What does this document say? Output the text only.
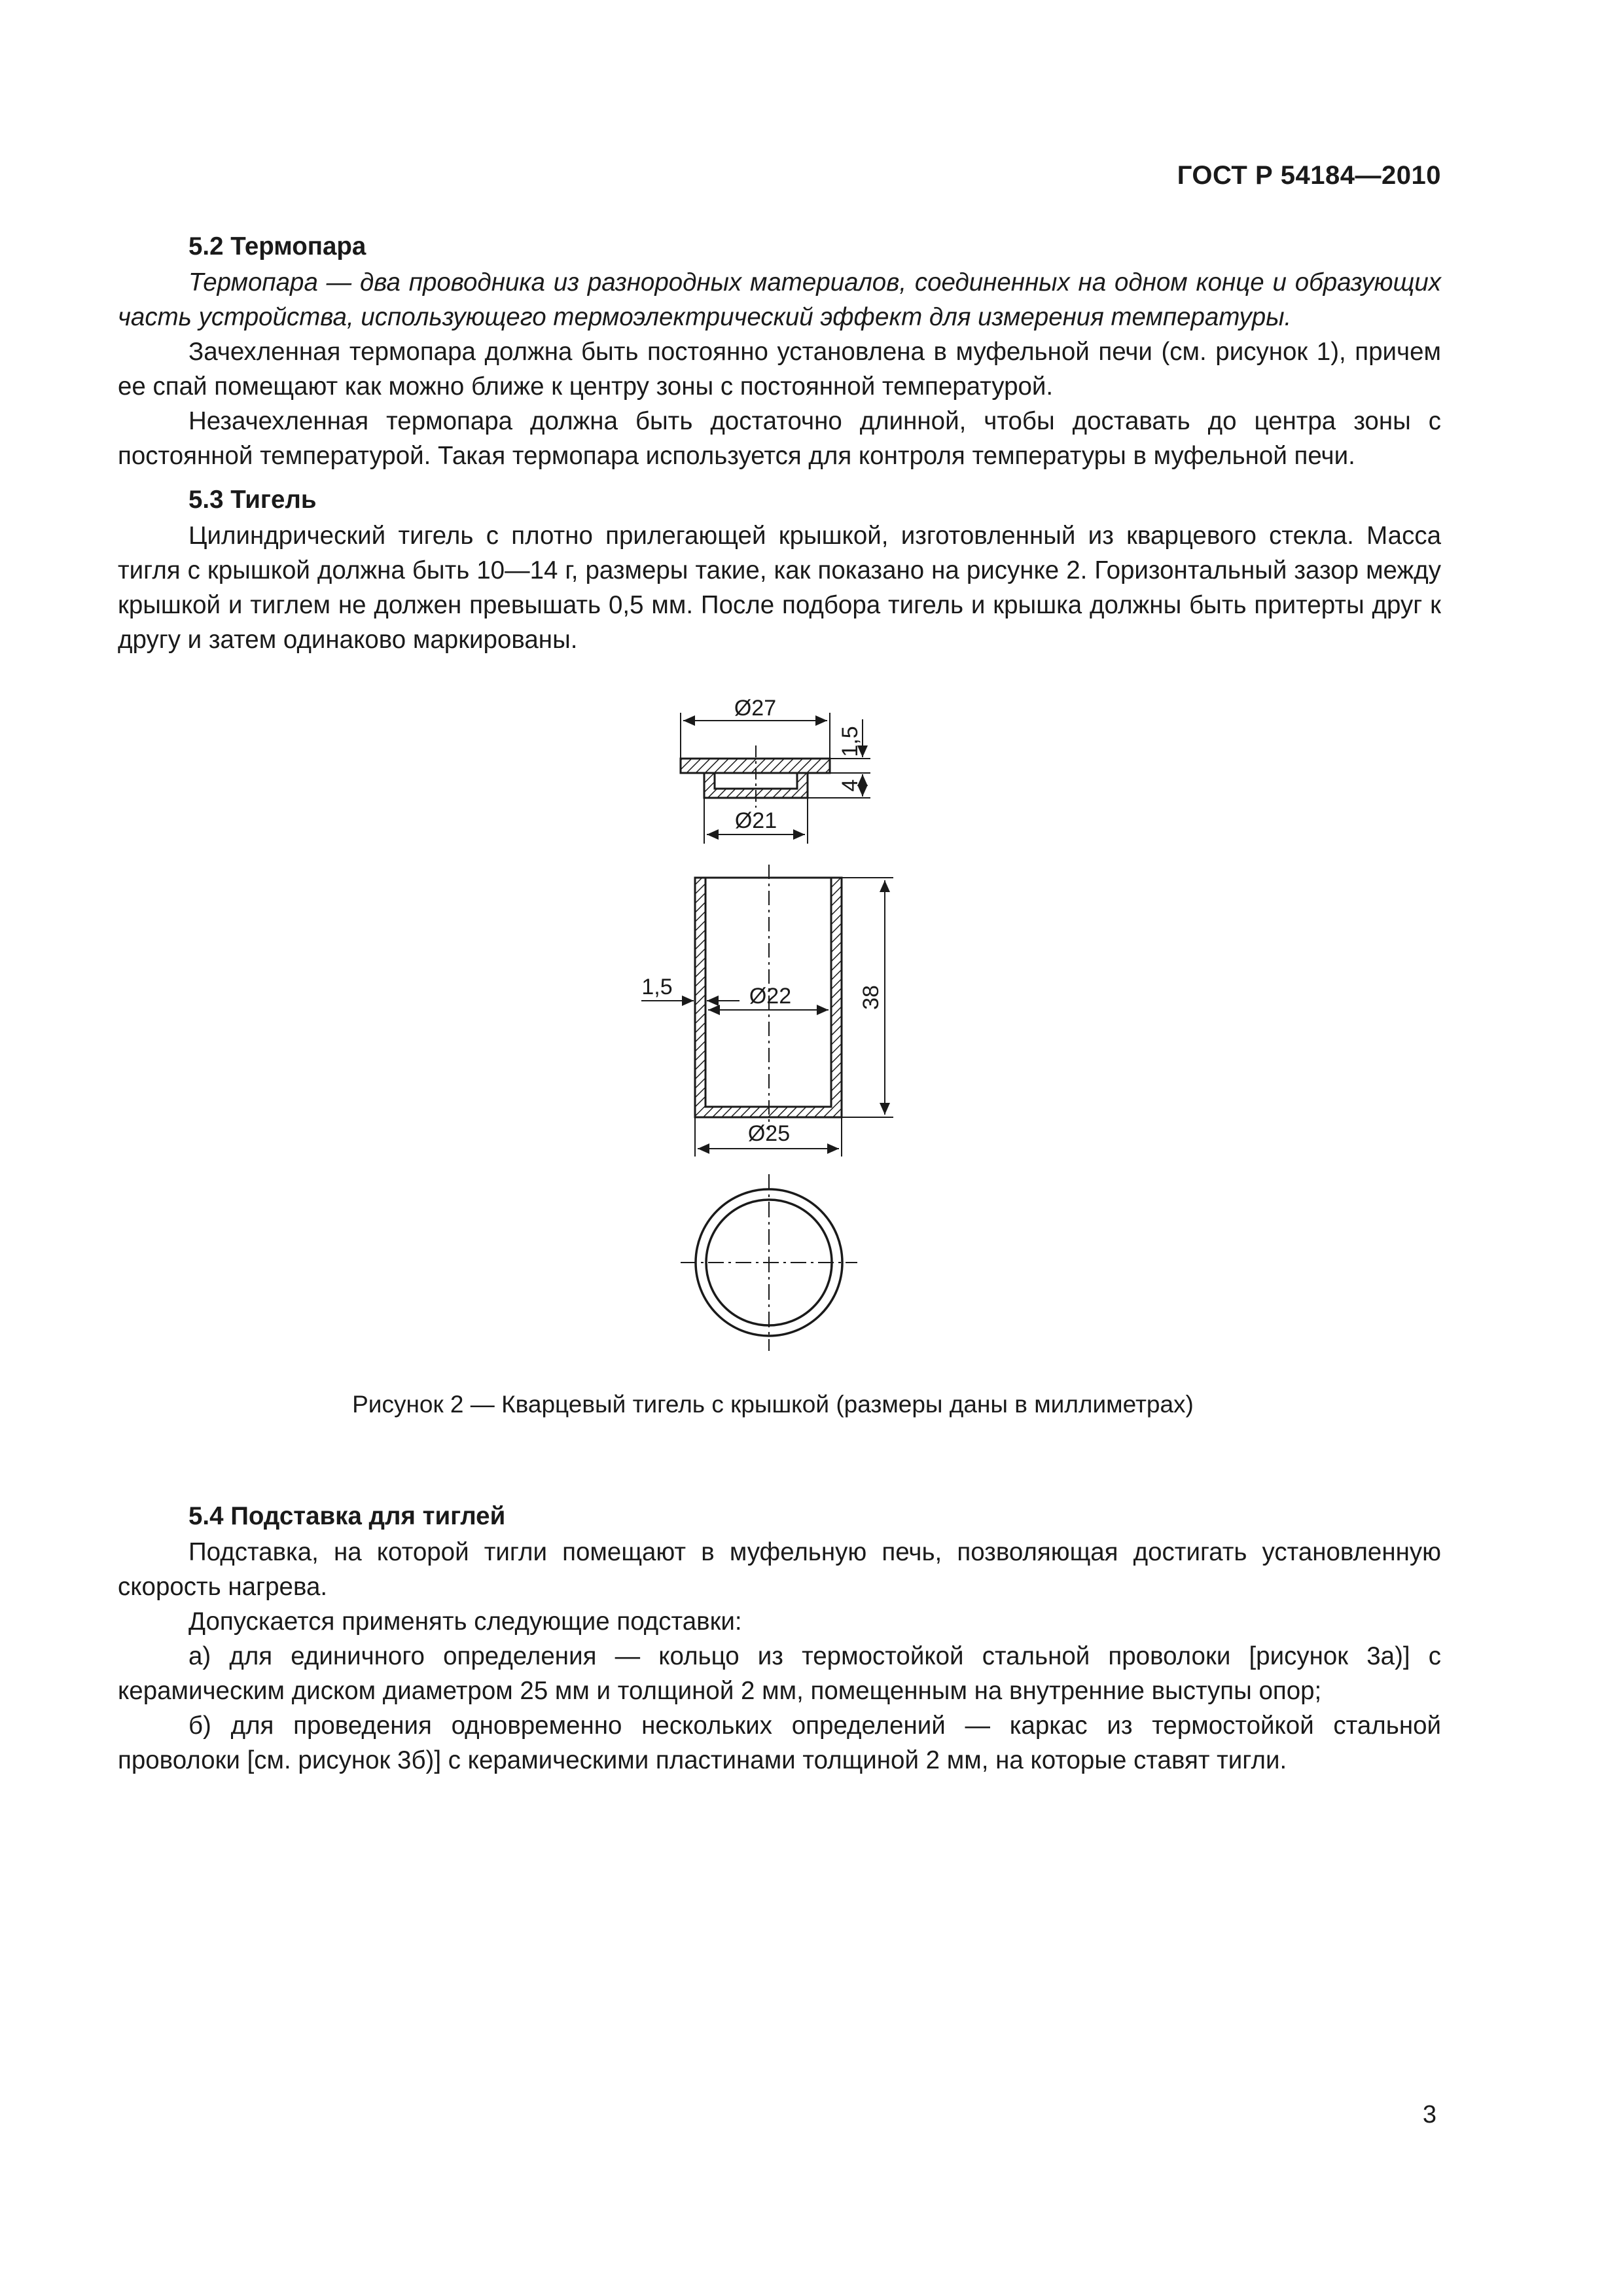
ГОСТ Р 54184—2010
5.2 Термопара

Термопара — два проводника из разнородных материалов, соединенных на одном конце и образующих часть устройства, использующего термоэлектрический эффект для измерения температуры.

Зачехленная термопара должна быть постоянно установлена в муфельной печи (см. рисунок 1), причем ее спай помещают как можно ближе к центру зоны с постоянной температурой.

Незачехленная термопара должна быть достаточно длинной, чтобы доставать до центра зоны с постоянной температурой. Такая термопара используется для контроля температуры в муфельной печи.

5.3 Тигель

Цилиндрический тигель с плотно прилегающей крышкой, изготовленный из кварцевого стекла. Масса тигля с крышкой должна быть 10—14 г, размеры такие, как показано на рисунке 2. Горизонтальный зазор между крышкой и тиглем не должен превышать 0,5 мм. После подбора тигель и крышка должны быть притерты друг к другу и затем одинаково маркированы.

Ø27
1,5
4
Ø21
1,5	Ø22	38
Ø25
Рисунок 2 — Кварцевый тигель с крышкой (размеры даны в миллиметрах)
5.4 Подставка для тиглей

Подставка, на которой тигли помещают в муфельную печь, позволяющая достигать установленную скорость нагрева.

Допускается применять следующие подставки:

а) для единичного определения — кольцо из термостойкой стальной проволоки [рисунок 3а)] с керамическим диском диаметром 25 мм и толщиной 2 мм, помещенным на внутренние выступы опор;

б) для проведения одновременно нескольких определений — каркас из термостойкой стальной проволоки [см. рисунок 3б)] с керамическими пластинами толщиной 2 мм, на которые ставят тигли.

3
